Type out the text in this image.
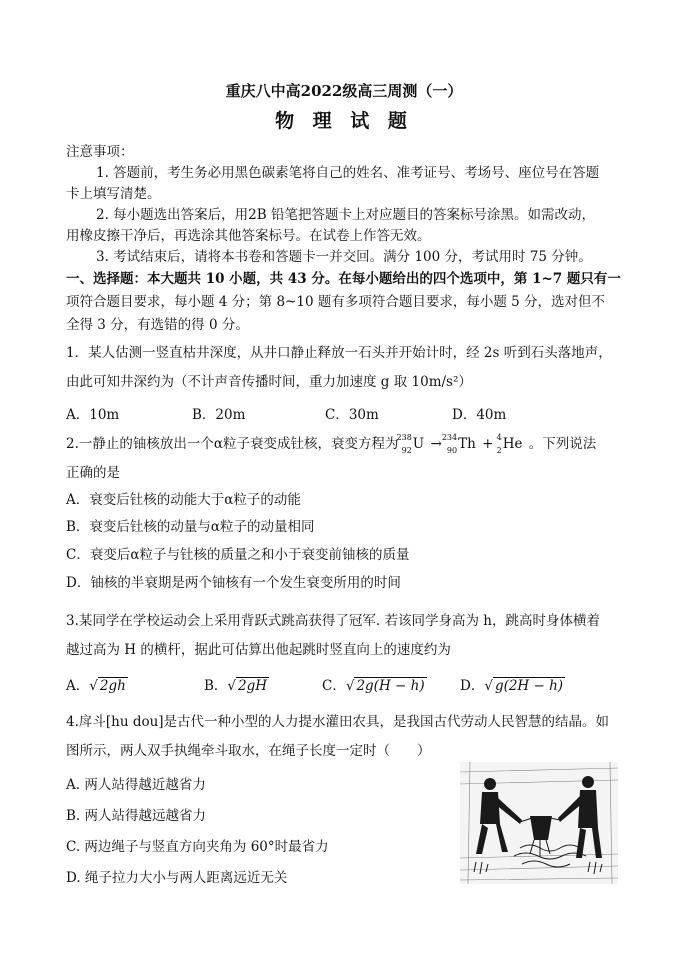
重庆八中高2022级高三周测（一）
物 理 试 题
注意事项：
1. 答题前，考生务必用黑色碳素笔将自己的姓名、准考证号、考场号、座位号在答题
卡上填写清楚。
2. 每小题选出答案后，用2B 铅笔把答题卡上对应题目的答案标号涂黑。如需改动，
用橡皮擦干净后，再选涂其他答案标号。在试卷上作答无效。
3. 考试结束后，请将本书卷和答题卡一并交回。满分 100 分，考试用时 75 分钟。
一、选择题：本大题共 10 小题，共 43 分。在每小题给出的四个选项中，第 1~7 题只有一
项符合题目要求，每小题 4 分；第 8~10 题有多项符合题目要求，每小题 5 分，选对但不
全得 3 分，有选错的得 0 分。
1．某人估测一竖直枯井深度，从井口静止释放一石头并开始计时，经 2s 听到石头落地声，
由此可知井深约为（不计声音传播时间，重力加速度 g 取 10m/s²）
A．10m	B．20m	C．30m	D．40m
2.一静止的铀核放出一个α粒子衰变成钍核，衰变方程为
238
92 U → 234
90 Th + 4
2 He 。下列说法
正确的是
A．衰变后钍核的动能大于α粒子的动能
B．衰变后钍核的动量与α粒子的动量相同
C．衰变后α粒子与钍核的质量之和小于衰变前铀核的质量
D．铀核的半衰期是两个铀核有一个发生衰变所用的时间
3.某同学在学校运动会上采用背跃式跳高获得了冠军. 若该同学身高为 h，跳高时身体横着
越过高为 H 的横杆，据此可估算出他起跳时竖直向上的速度约为
A．√ 2gh	B．√ 2gH	C．√ 2g(H − h)	D．√ g(2H − h)
4.戽斗[hu dou]是古代一种小型的人力提水灌田农具，是我国古代劳动人民智慧的结晶。如
图所示，两人双手执绳牵斗取水，在绳子长度一定时（　　）
A. 两人站得越近越省力
B. 两人站得越远越省力
C. 两边绳子与竖直方向夹角为 60°时最省力
D. 绳子拉力大小与两人距离远近无关
